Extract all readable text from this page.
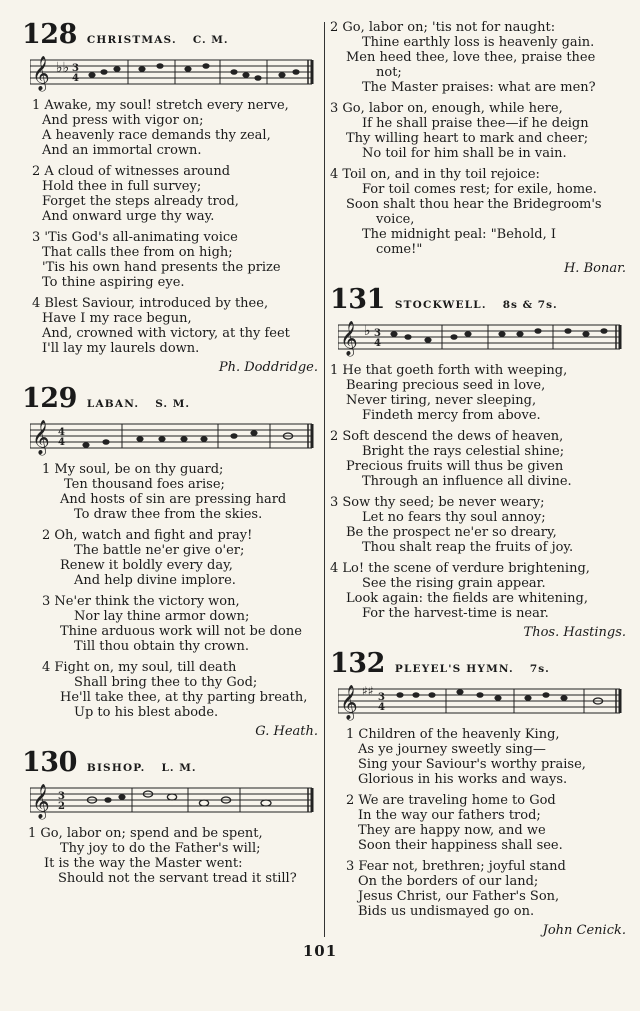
128 CHRISTMAS. C. M.
𝄞 ♭♭ 3
4
1 Awake, my soul! stretch every nerve,
And press with vigor on;
A heavenly race demands thy zeal,
And an immortal crown.
2 A cloud of witnesses around
Hold thee in full survey;
Forget the steps already trod,
And onward urge thy way.
3 'Tis God's all-animating voice
That calls thee from on high;
'Tis his own hand presents the prize
To thine aspiring eye.
4 Blest Saviour, introduced by thee,
Have I my race begun,
And, crowned with victory, at thy feet
I'll lay my laurels down.
Ph. Doddridge.
129 LABAN. S. M.
𝄞 4
4
1 My soul, be on thy guard;
Ten thousand foes arise;
And hosts of sin are pressing hard
To draw thee from the skies.
2 Oh, watch and fight and pray!
The battle ne'er give o'er;
Renew it boldly every day,
And help divine implore.
3 Ne'er think the victory won,
Nor lay thine armor down;
Thine arduous work will not be done
Till thou obtain thy crown.
4 Fight on, my soul, till death
Shall bring thee to thy God;
He'll take thee, at thy parting breath,
Up to his blest abode.
G. Heath.
130 BISHOP. L. M.
𝄞 3
2
1 Go, labor on; spend and be spent,
Thy joy to do the Father's will;
It is the way the Master went:
Should not the servant tread it still?
2 Go, labor on; 'tis not for naught:
Thine earthly loss is heavenly gain.
Men heed thee, love thee, praise thee
not;
The Master praises: what are men?
3 Go, labor on, enough, while here,
If he shall praise thee—if he deign
Thy willing heart to mark and cheer;
No toil for him shall be in vain.
4 Toil on, and in thy toil rejoice:
For toil comes rest; for exile, home.
Soon shalt thou hear the Bridegroom's
voice,
The midnight peal: "Behold, I
come!"
H. Bonar.
131 STOCKWELL. 8s & 7s.
𝄞 ♭ 3
4
1 He that goeth forth with weeping,
Bearing precious seed in love,
Never tiring, never sleeping,
Findeth mercy from above.
2 Soft descend the dews of heaven,
Bright the rays celestial shine;
Precious fruits will thus be given
Through an influence all divine.
3 Sow thy seed; be never weary;
Let no fears thy soul annoy;
Be the prospect ne'er so dreary,
Thou shalt reap the fruits of joy.
4 Lo! the scene of verdure brightening,
See the rising grain appear.
Look again: the fields are whitening,
For the harvest-time is near.
Thos. Hastings.
132 PLEYEL'S HYMN. 7s.
𝄞 ♯♯ 3
4
1 Children of the heavenly King,
As ye journey sweetly sing—
Sing your Saviour's worthy praise,
Glorious in his works and ways.
2 We are traveling home to God
In the way our fathers trod;
They are happy now, and we
Soon their happiness shall see.
3 Fear not, brethren; joyful stand
On the borders of our land;
Jesus Christ, our Father's Son,
Bids us undismayed go on.
John Cenick.
101
